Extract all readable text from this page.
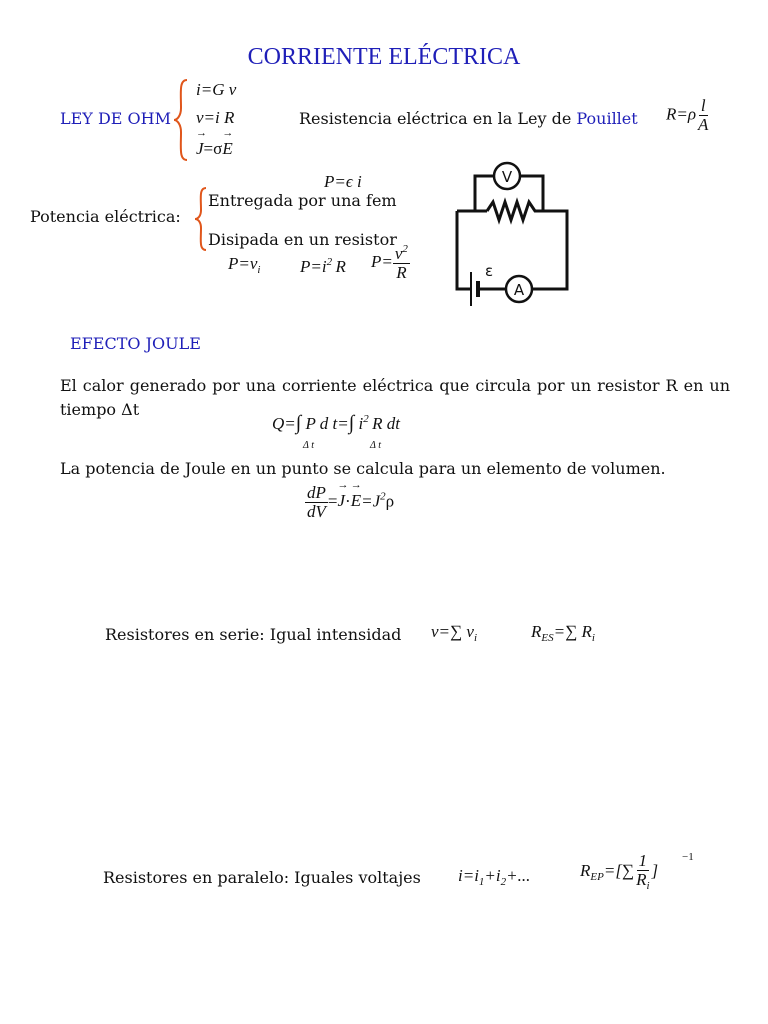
CORRIENTE ELÉCTRICA
LEY DE OHM
i=G v
v=i R
→ J=σ→ E
Resistencia eléctrica en la Ley de Pouillet $R=\rho \frac{l}{A}$
P=ϵ i
Potencia eléctrica:
Entregada por una fem
Disipada en un resistor
$P=v_i$ $P=i^2$  R $P= \frac{v^2}{R}$
V
A
ε
EFECTO JOULE
El calor generado por una corriente eléctrica que circula por un resistor R en un tiempo Δt
Q=∫ P d t=∫ $i^2$  R dt
Δ t	Δ t
La potencia de Joule en un punto se calcula para un elemento de volumen.
$\frac{dP}{dV} =\to J\cdot\to E=J^2\rho$
Resistores en serie: Igual intensidad v=∑ $v_i$	$R_{ES}=\sum$ $R_i$
Resistores en paralelo: Iguales voltajes $i=i_1+i_2+$...	$R_{EP}=[\sum \frac{1}{R_i}$ ]
−1
